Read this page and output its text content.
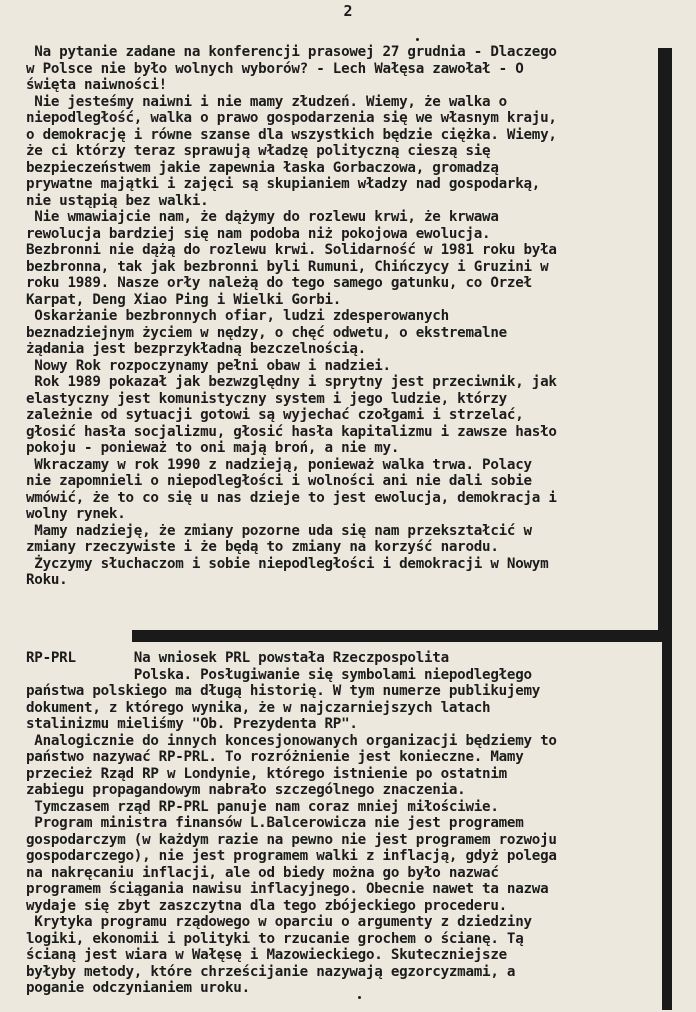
2

Na pytanie zadane na konferencji prasowej 27 grudnia - Dlaczego
w Polsce nie było wolnych wyborów? - Lech Wałęsa zawołał - O
święta naiwności!

Nie jesteśmy naiwni i nie mamy złudzeń. Wiemy, że walka o
niepodległość, walka o prawo gospodarzenia się we własnym kraju,
o demokrację i równe szanse dla wszystkich będzie ciężka. Wiemy,
że ci którzy teraz sprawują władzę polityczną cieszą się
bezpieczeństwem jakie zapewnia łaska Gorbaczowa, gromadzą
prywatne majątki i zajęci są skupianiem władzy nad gospodarką,
nie ustąpią bez walki.

Nie wmawiajcie nam, że dążymy do rozlewu krwi, że krwawa
rewolucja bardziej się nam podoba niż pokojowa ewolucja.
Bezbronni nie dążą do rozlewu krwi. Solidarność w 1981 roku była
bezbronna, tak jak bezbronni byli Rumuni, Chińczycy i Gruzini w
roku 1989. Nasze orły należą do tego samego gatunku, co Orzeł
Karpat, Deng Xiao Ping i Wielki Gorbi.

Oskarżanie bezbronnych ofiar, ludzi zdesperowanych
beznadziejnym życiem w nędzy, o chęć odwetu, o ekstremalne
żądania jest bezprzykładną bezczelnością.

Nowy Rok rozpoczynamy pełni obaw i nadziei.

Rok 1989 pokazał jak bezwzględny i sprytny jest przeciwnik, jak
elastyczny jest komunistyczny system i jego ludzie, którzy
zależnie od sytuacji gotowi są wyjechać czołgami i strzelać,
głosić hasła socjalizmu, głosić hasła kapitalizmu i zawsze hasło
pokoju - ponieważ to oni mają broń, a nie my.

Wkraczamy w rok 1990 z nadzieją, ponieważ walka trwa. Polacy
nie zapomnieli o niepodległości i wolności ani nie dali sobie
wmówić, że to co się u nas dzieje to jest ewolucja, demokracja i
wolny rynek.

Mamy nadzieję, że zmiany pozorne uda się nam przekształcić w
zmiany rzeczywiste i że będą to zmiany na korzyść narodu.

Życzymy słuchaczom i sobie niepodległości i demokracji w Nowym
Roku.

RP-PRL       Na wniosek PRL powstała Rzeczpospolita
Polska. Posługiwanie się symbolami niepodległego
państwa polskiego ma długą historię. W tym numerze publikujemy
dokument, z którego wynika, że w najczarniejszych latach
stalinizmu mieliśmy "Ob. Prezydenta RP".

Analogicznie do innych koncesjonowanych organizacji będziemy to
państwo nazywać RP-PRL. To rozróżnienie jest konieczne. Mamy
przecież Rząd RP w Londynie, którego istnienie po ostatnim
zabiegu propagandowym nabrało szczególnego znaczenia.

Tymczasem rząd RP-PRL panuje nam coraz mniej miłościwie.

Program ministra finansów L.Balcerowicza nie jest programem
gospodarczym (w każdym razie na pewno nie jest programem rozwoju
gospodarczego), nie jest programem walki z inflacją, gdyż polega
na nakręcaniu inflacji, ale od biedy można go było nazwać
programem ściągania nawisu inflacyjnego. Obecnie nawet ta nazwa
wydaje się zbyt zaszczytna dla tego zbójeckiego procederu.

Krytyka programu rządowego w oparciu o argumenty z dziedziny
logiki, ekonomii i polityki to rzucanie grochem o ścianę. Tą
ścianą jest wiara w Wałęsę i Mazowieckiego. Skuteczniejsze
byłyby metody, które chrześcijanie nazywają egzorcyzmami, a
poganie odczynianiem uroku.
